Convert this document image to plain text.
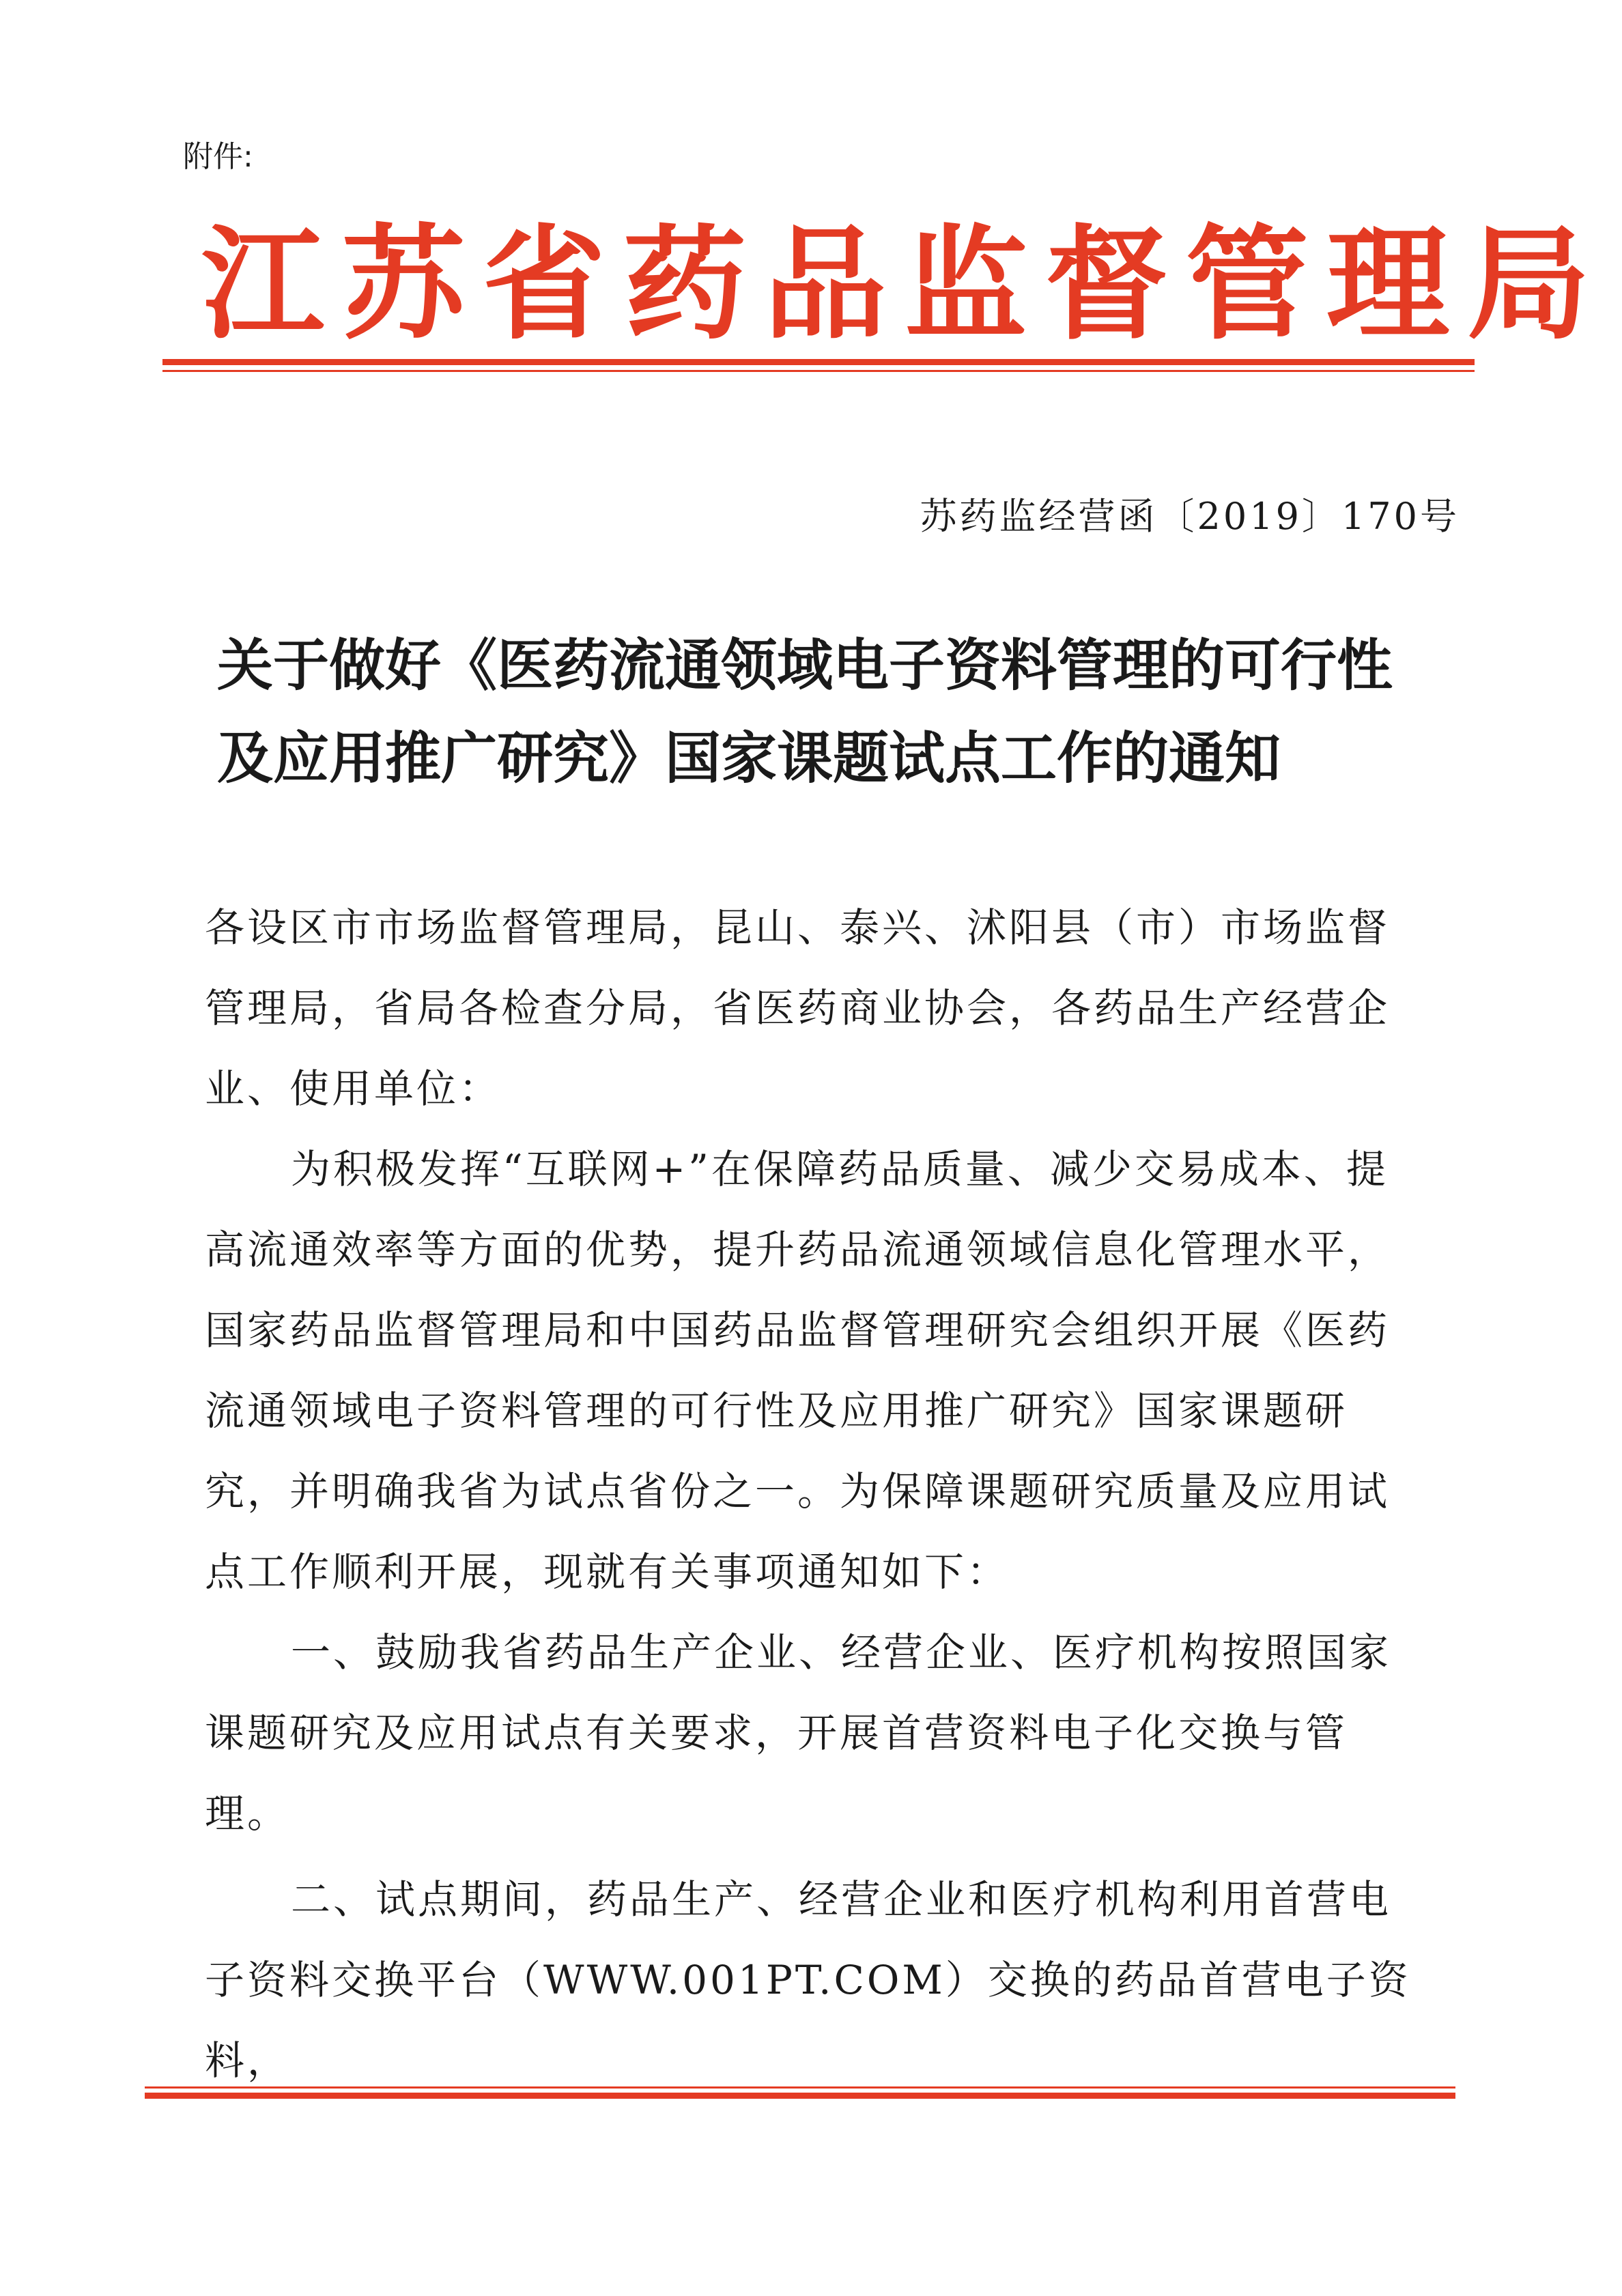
附件:
江苏省药品监督管理局
苏药监经营函〔2019〕170号
关于做好《医药流通领域电子资料管理的可行性及应用推广研究》国家课题试点工作的通知

各设区市市场监督管理局，昆山、泰兴、沭阳县（市）市场监督管理局，省局各检查分局，省医药商业协会，各药品生产经营企业、使用单位：

为积极发挥“互联网+”在保障药品质量、减少交易成本、提高流通效率等方面的优势，提升药品流通领域信息化管理水平，国家药品监督管理局和中国药品监督管理研究会组织开展《医药流通领域电子资料管理的可行性及应用推广研究》国家课题研究，并明确我省为试点省份之一。为保障课题研究质量及应用试点工作顺利开展，现就有关事项通知如下：

一、鼓励我省药品生产企业、经营企业、医疗机构按照国家课题研究及应用试点有关要求，开展首营资料电子化交换与管理。

二、试点期间，药品生产、经营企业和医疗机构利用首营电子资料交换平台（WWW.001PT.COM）交换的药品首营电子资料，
